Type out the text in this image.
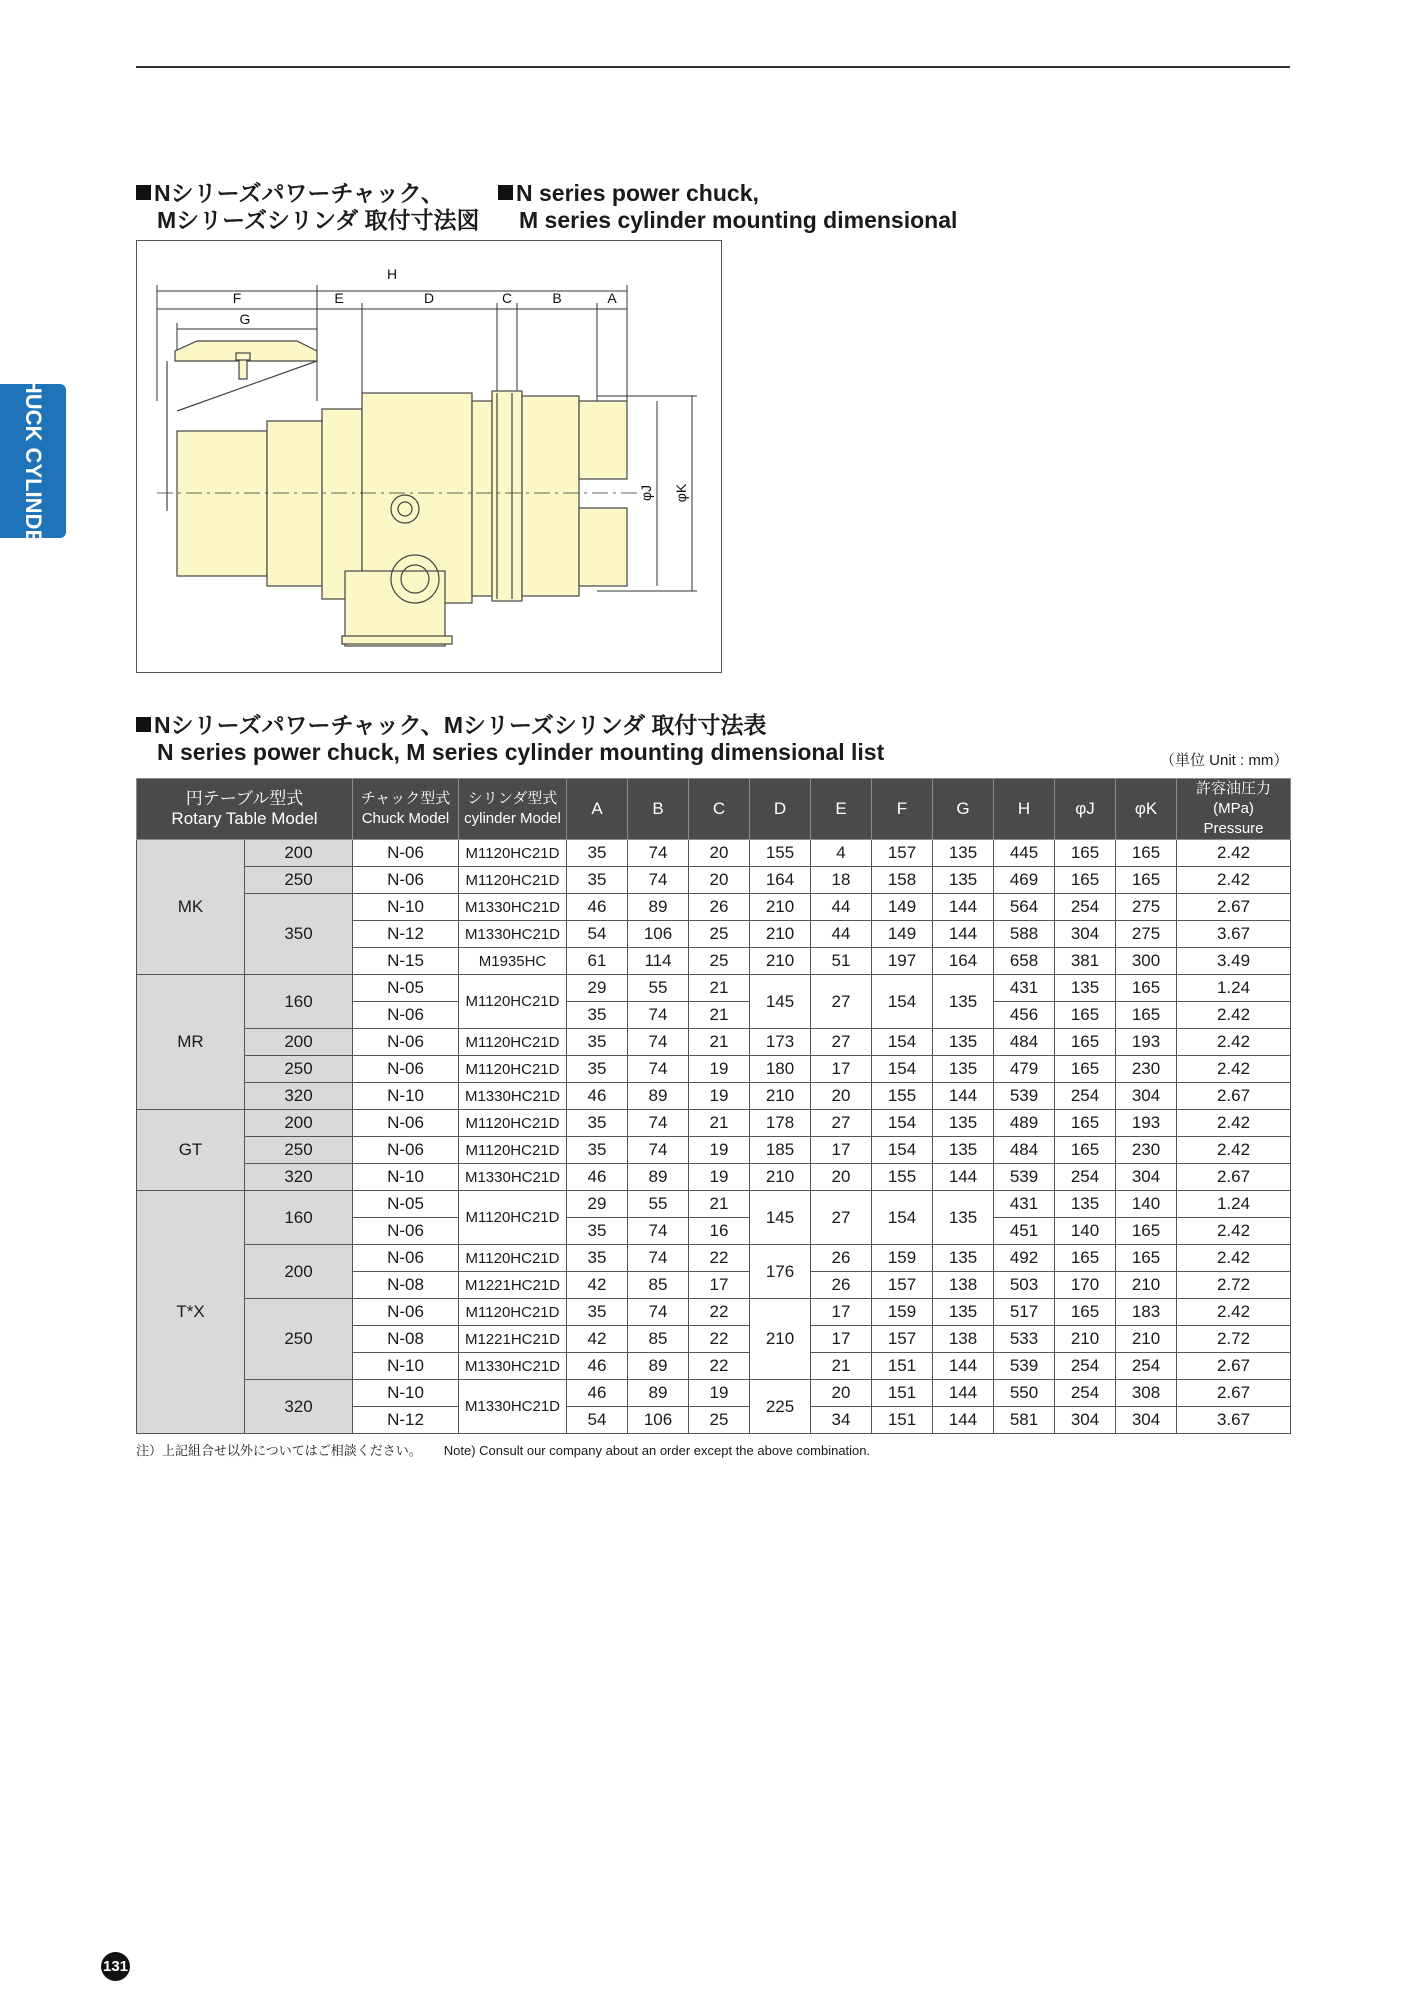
CHUCK CYLINDER
Nシリーズパワーチャック、
Mシリーズシリンダ 取付寸法図
N series power chuck,
M series cylinder mounting dimensional
H
F	E	D	C	B	A
G
φJ φK
Nシリーズパワーチャック、Mシリーズシリンダ 取付寸法表
N series power chuck, M series cylinder mounting dimensional list	（単位 Unit : mm）
円テーブル型式
Rotary Table Model		チャック型式
Chuck Model	シリンダ型式
cylinder Model	A	B	C	D	E	F	G	H	φJ	φK	許容油圧力(MPa)
Pressure
MK	200	N-06	M1120HC21D	35	74	20	155	4	157	135	445	165	165	2.42
	250	N-06	M1120HC21D	35	74	20	164	18	158	135	469	165	165	2.42
	350	N-10	M1330HC21D	46	89	26	210	44	149	144	564	254	275	2.67
		N-12	M1330HC21D	54	106	25	210	44	149	144	588	304	275	3.67
		N-15	M1935HC	61	114	25	210	51	197	164	658	381	300	3.49
MR	160	N-05	M1120HC21D	29	55	21	145	27	154	135	431	135	165	1.24
		N-06		35	74	21					456	165	165	2.42
	200	N-06	M1120HC21D	35	74	21	173	27	154	135	484	165	193	2.42
	250	N-06	M1120HC21D	35	74	19	180	17	154	135	479	165	230	2.42
	320	N-10	M1330HC21D	46	89	19	210	20	155	144	539	254	304	2.67
GT	200	N-06	M1120HC21D	35	74	21	178	27	154	135	489	165	193	2.42
	250	N-06	M1120HC21D	35	74	19	185	17	154	135	484	165	230	2.42
	320	N-10	M1330HC21D	46	89	19	210	20	155	144	539	254	304	2.67
T*X	160	N-05	M1120HC21D	29	55	21	145	27	154	135	431	135	140	1.24
		N-06		35	74	16					451	140	165	2.42
	200	N-06	M1120HC21D	35	74	22	176	26	159	135	492	165	165	2.42
		N-08	M1221HC21D	42	85	17		26	157	138	503	170	210	2.72
	250	N-06	M1120HC21D	35	74	22	210	17	159	135	517	165	183	2.42
		N-08	M1221HC21D	42	85	22		17	157	138	533	210	210	2.72
		N-10	M1330HC21D	46	89	22		21	151	144	539	254	254	2.67
	320	N-10	M1330HC21D	46	89	19	225	20	151	144	550	254	308	2.67
		N-12		54	106	25		34	151	144	581	304	304	3.67
注）上記組合せ以外についてはご相談ください。 Note) Consult our company about an order except the above combination.
131
